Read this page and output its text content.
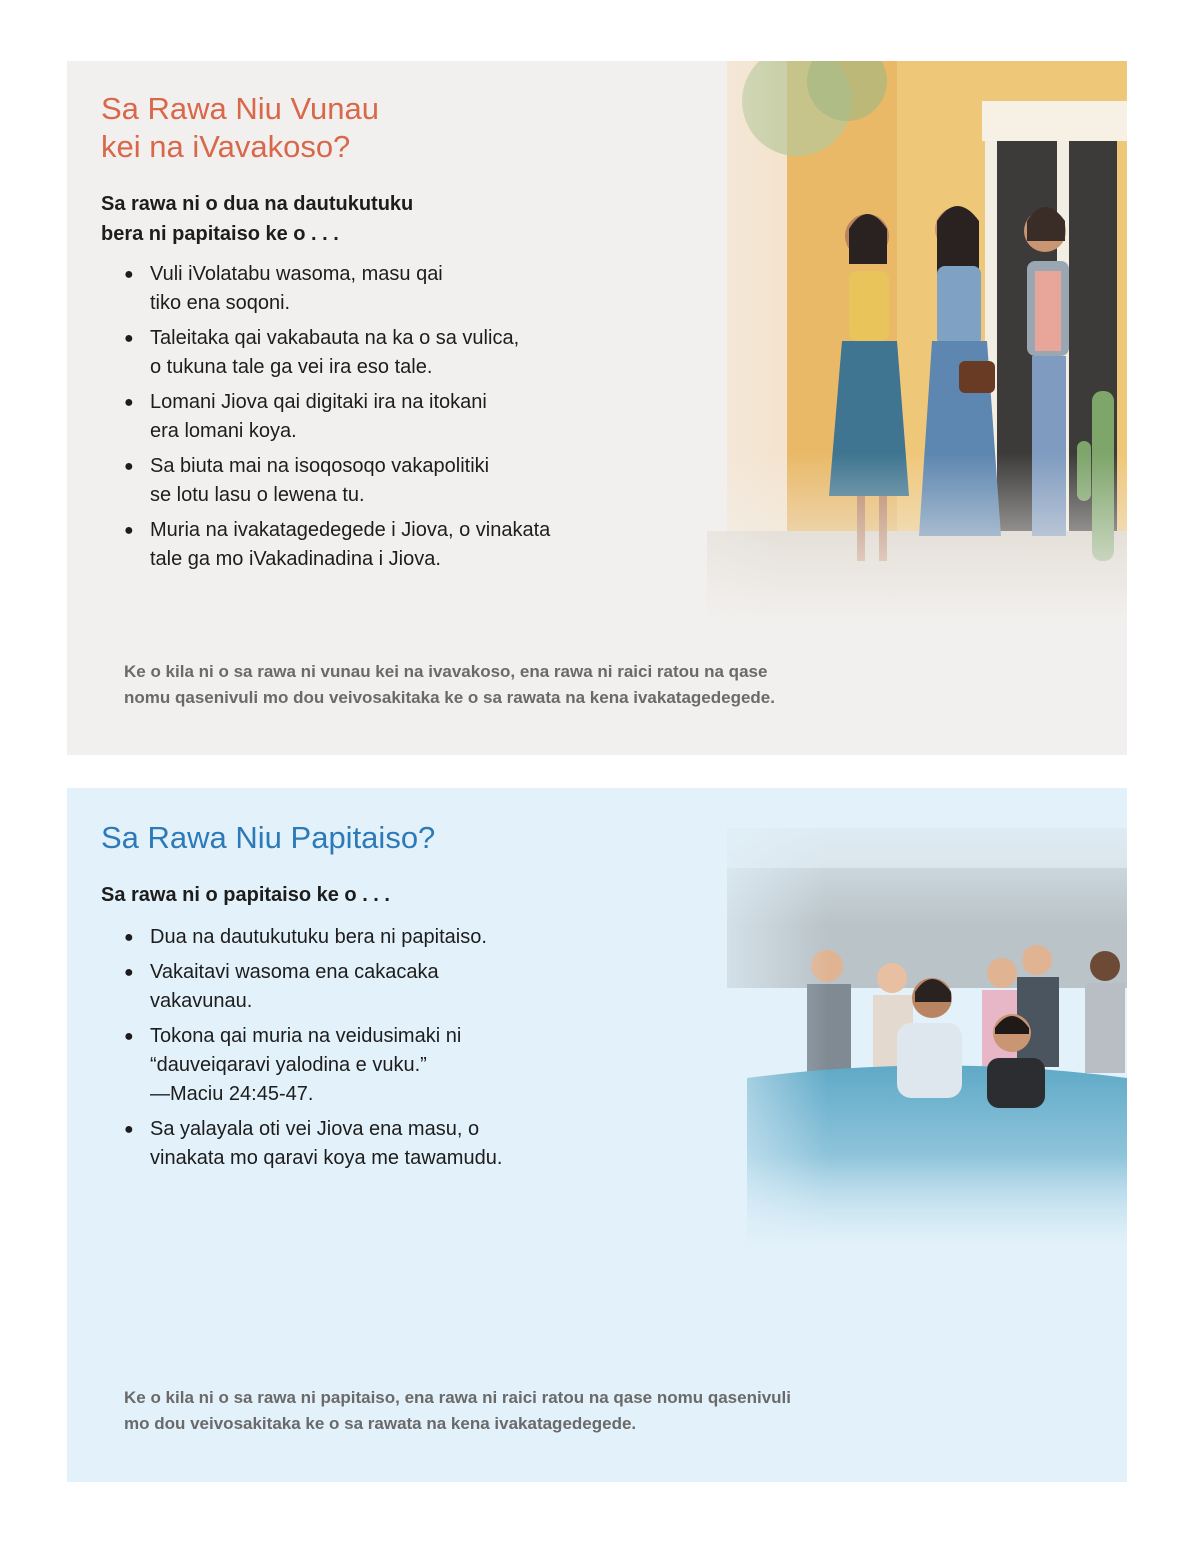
Sa Rawa Niu Vunau
kei na iVavakoso?

Sa rawa ni o dua na dautukutuku
bera ni papitaiso ke o . . .

● Vuli iVolatabu wasoma, masu qai
tiko ena soqoni.
● Taleitaka qai vakabauta na ka o sa vulica,
o tukuna tale ga vei ira eso tale.
● Lomani Jiova qai digitaki ira na itokani
era lomani koya.
● Sa biuta mai na isoqosoqo vakapolitiki
se lotu lasu o lewena tu.
● Muria na ivakatagedegede i Jiova, o vinakata
tale ga mo iVakadinadina i Jiova.

Ke o kila ni o sa rawa ni vunau kei na ivavakoso, ena rawa ni raici ratou na qase
nomu qasenivuli mo dou veivosakitaka ke o sa rawata na kena ivakatagedegede.

Sa Rawa Niu Papitaiso?

Sa rawa ni o papitaiso ke o . . .

● Dua na dautukutuku bera ni papitaiso.
● Vakaitavi wasoma ena cakacaka
vakavunau.
● Tokona qai muria na veidusimaki ni
“dauveiqaravi yalodina e vuku.”
—Maciu 24:45-47.
● Sa yalayala oti vei Jiova ena masu, o
vinakata mo qaravi koya me tawamudu.

Ke o kila ni o sa rawa ni papitaiso, ena rawa ni raici ratou na qase nomu qasenivuli
mo dou veivosakitaka ke o sa rawata na kena ivakatagedegede.
